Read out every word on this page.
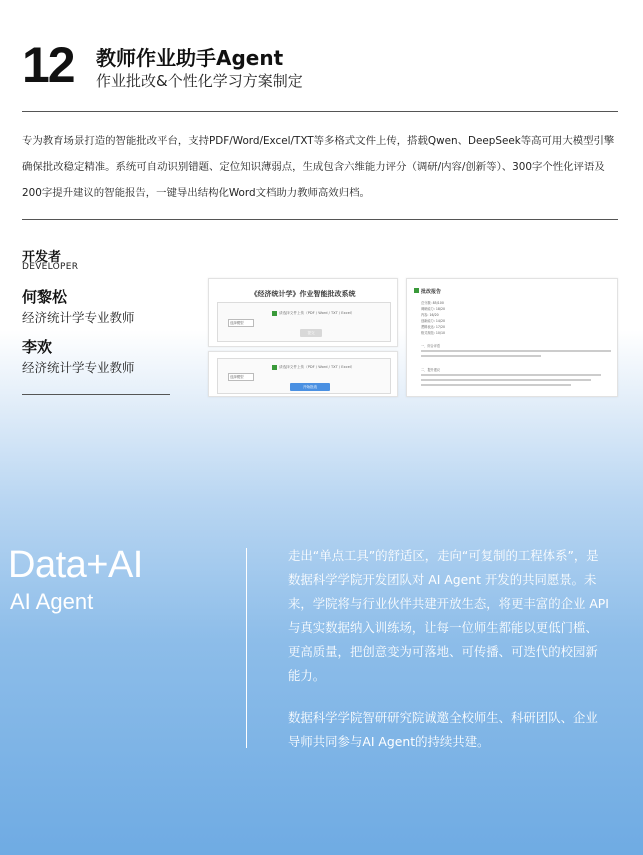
12 教师作业助手Agent
作业批改&个性化学习方案制定
专为教育场景打造的智能批改平台，支持PDF/Word/Excel/TXT等多格式文件上传，搭载Qwen、DeepSeek等高可用大模型引擎确保批改稳定精准。系统可自动识别错题、定位知识薄弱点，生成包含六维能力评分（调研/内容/创新等）、300字个性化评语及200字提升建议的智能报告，一键导出结构化Word文档助力教师高效归档。
开发者
DEVELOPER
何黎松
经济统计学专业教师
李欢
经济统计学专业教师
《经济统计学》作业智能批改系统
请选择文件上传（PDF / Word / TXT / Excel）
选择模型
提交
请选择文件上传（PDF / Word / TXT / Excel）
选择模型
开始批改
批改报告
总分数: 85/100
调研能力: 18/20
内容: 16/20
创新能力: 14/20
逻辑表达: 17/20
格式规范: 10/10
一、综合评语
二、提升建议
Data+AI
AI Agent
走出“单点工具”的舒适区，走向“可复制的工程体系”，是数据科学学院开发团队对 AI Agent 开发的共同愿景。未来，学院将与行业伙伴共建开放生态，将更丰富的企业 API 与真实数据纳入训练场，让每一位师生都能以更低门槛、更高质量，把创意变为可落地、可传播、可迭代的校园新能力。
数据科学学院智研研究院诚邀全校师生、科研团队、企业导师共同参与AI Agent的持续共建。
